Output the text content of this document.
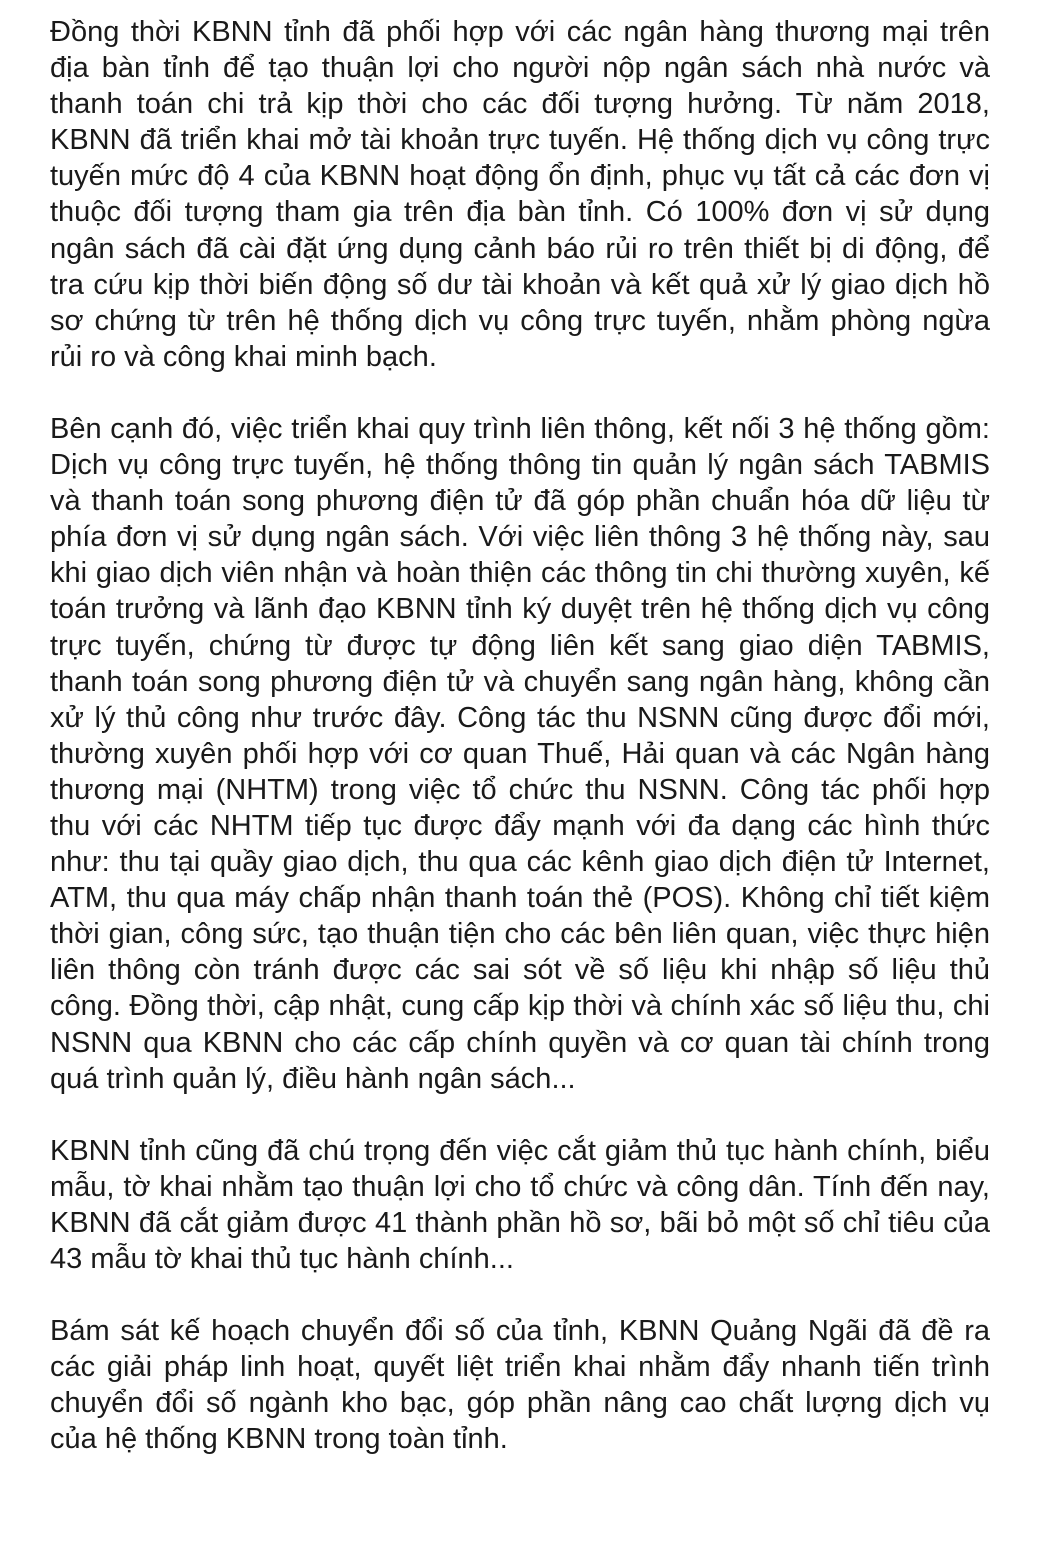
Đồng thời KBNN tỉnh đã phối hợp với các ngân hàng thương mại trên địa bàn tỉnh để tạo thuận lợi cho người nộp ngân sách nhà nước và thanh toán chi trả kịp thời cho các đối tượng hưởng. Từ năm 2018, KBNN đã triển khai mở tài khoản trực tuyến. Hệ thống dịch vụ công trực tuyến mức độ 4 của KBNN hoạt động ổn định, phục vụ tất cả các đơn vị thuộc đối tượng tham gia trên địa bàn tỉnh. Có 100% đơn vị sử dụng ngân sách đã cài đặt ứng dụng cảnh báo rủi ro trên thiết bị di động, để tra cứu kịp thời biến động số dư tài khoản và kết quả xử lý giao dịch hồ sơ chứng từ trên hệ thống dịch vụ công trực tuyến, nhằm phòng ngừa rủi ro và công khai minh bạch.

Bên cạnh đó, việc triển khai quy trình liên thông, kết nối 3 hệ thống gồm: Dịch vụ công trực tuyến, hệ thống thông tin quản lý ngân sách TABMIS và thanh toán song phương điện tử đã góp phần chuẩn hóa dữ liệu từ phía đơn vị sử dụng ngân sách. Với việc liên thông 3 hệ thống này, sau khi giao dịch viên nhận và hoàn thiện các thông tin chi thường xuyên, kế toán trưởng và lãnh đạo KBNN tỉnh ký duyệt trên hệ thống dịch vụ công trực tuyến, chứng từ được tự động liên kết sang giao diện TABMIS, thanh toán song phương điện tử và chuyển sang ngân hàng, không cần xử lý thủ công như trước đây. Công tác thu NSNN cũng được đổi mới, thường xuyên phối hợp với cơ quan Thuế, Hải quan và các Ngân hàng thương mại (NHTM) trong việc tổ chức thu NSNN. Công tác phối hợp thu với các NHTM tiếp tục được đẩy mạnh với đa dạng các hình thức như: thu tại quầy giao dịch, thu qua các kênh giao dịch điện tử Internet, ATM, thu qua máy chấp nhận thanh toán thẻ (POS). Không chỉ tiết kiệm thời gian, công sức, tạo thuận tiện cho các bên liên quan, việc thực hiện liên thông còn tránh được các sai sót về số liệu khi nhập số liệu thủ công. Đồng thời, cập nhật, cung cấp kịp thời và chính xác số liệu thu, chi NSNN qua KBNN cho các cấp chính quyền và cơ quan tài chính trong quá trình quản lý, điều hành ngân sách...

KBNN tỉnh cũng đã chú trọng đến việc cắt giảm thủ tục hành chính, biểu mẫu, tờ khai nhằm tạo thuận lợi cho tổ chức và công dân. Tính đến nay, KBNN đã cắt giảm được 41 thành phần hồ sơ, bãi bỏ một số chỉ tiêu của 43 mẫu tờ khai thủ tục hành chính...

Bám sát kế hoạch chuyển đổi số của tỉnh, KBNN Quảng Ngãi đã đề ra các giải pháp linh hoạt, quyết liệt triển khai nhằm đẩy nhanh tiến trình chuyển đổi số ngành kho bạc, góp phần nâng cao chất lượng dịch vụ của hệ thống KBNN trong toàn tỉnh.
